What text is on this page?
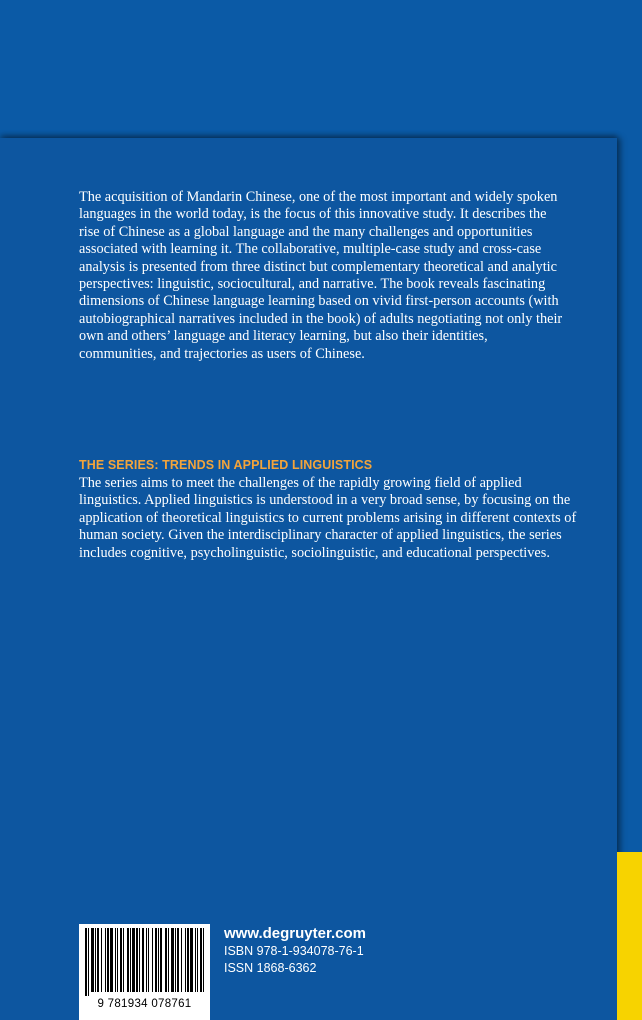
The acquisition of Mandarin Chinese, one of the most important and widely spoken languages in the world today, is the focus of this innovative study. It describes the rise of Chinese as a global language and the many challenges and opportunities associated with learning it. The collaborative, multiple-case study and cross-case analysis is presented from three distinct but complementary theoretical and analytic perspectives: linguistic, sociocultural, and narrative. The book reveals fascinating dimensions of Chinese language learning based on vivid first-person accounts (with autobiographical narratives included in the book) of adults negotiating not only their own and others’ language and literacy learning, but also their identities, communities, and trajectories as users of Chinese.

THE SERIES: TRENDS IN APPLIED LINGUISTICS

The series aims to meet the challenges of the rapidly growing field of applied linguistics. Applied linguistics is understood in a very broad sense, by focusing on the application of theoretical linguistics to current problems arising in different contexts of human society. Given the interdisciplinary character of applied linguistics, the series includes cognitive, psycholinguistic, sociolinguistic, and educational perspectives.

9 781934 078761
www.degruyter.com
ISBN 978-1-934078-76-1
ISSN 1868-6362
